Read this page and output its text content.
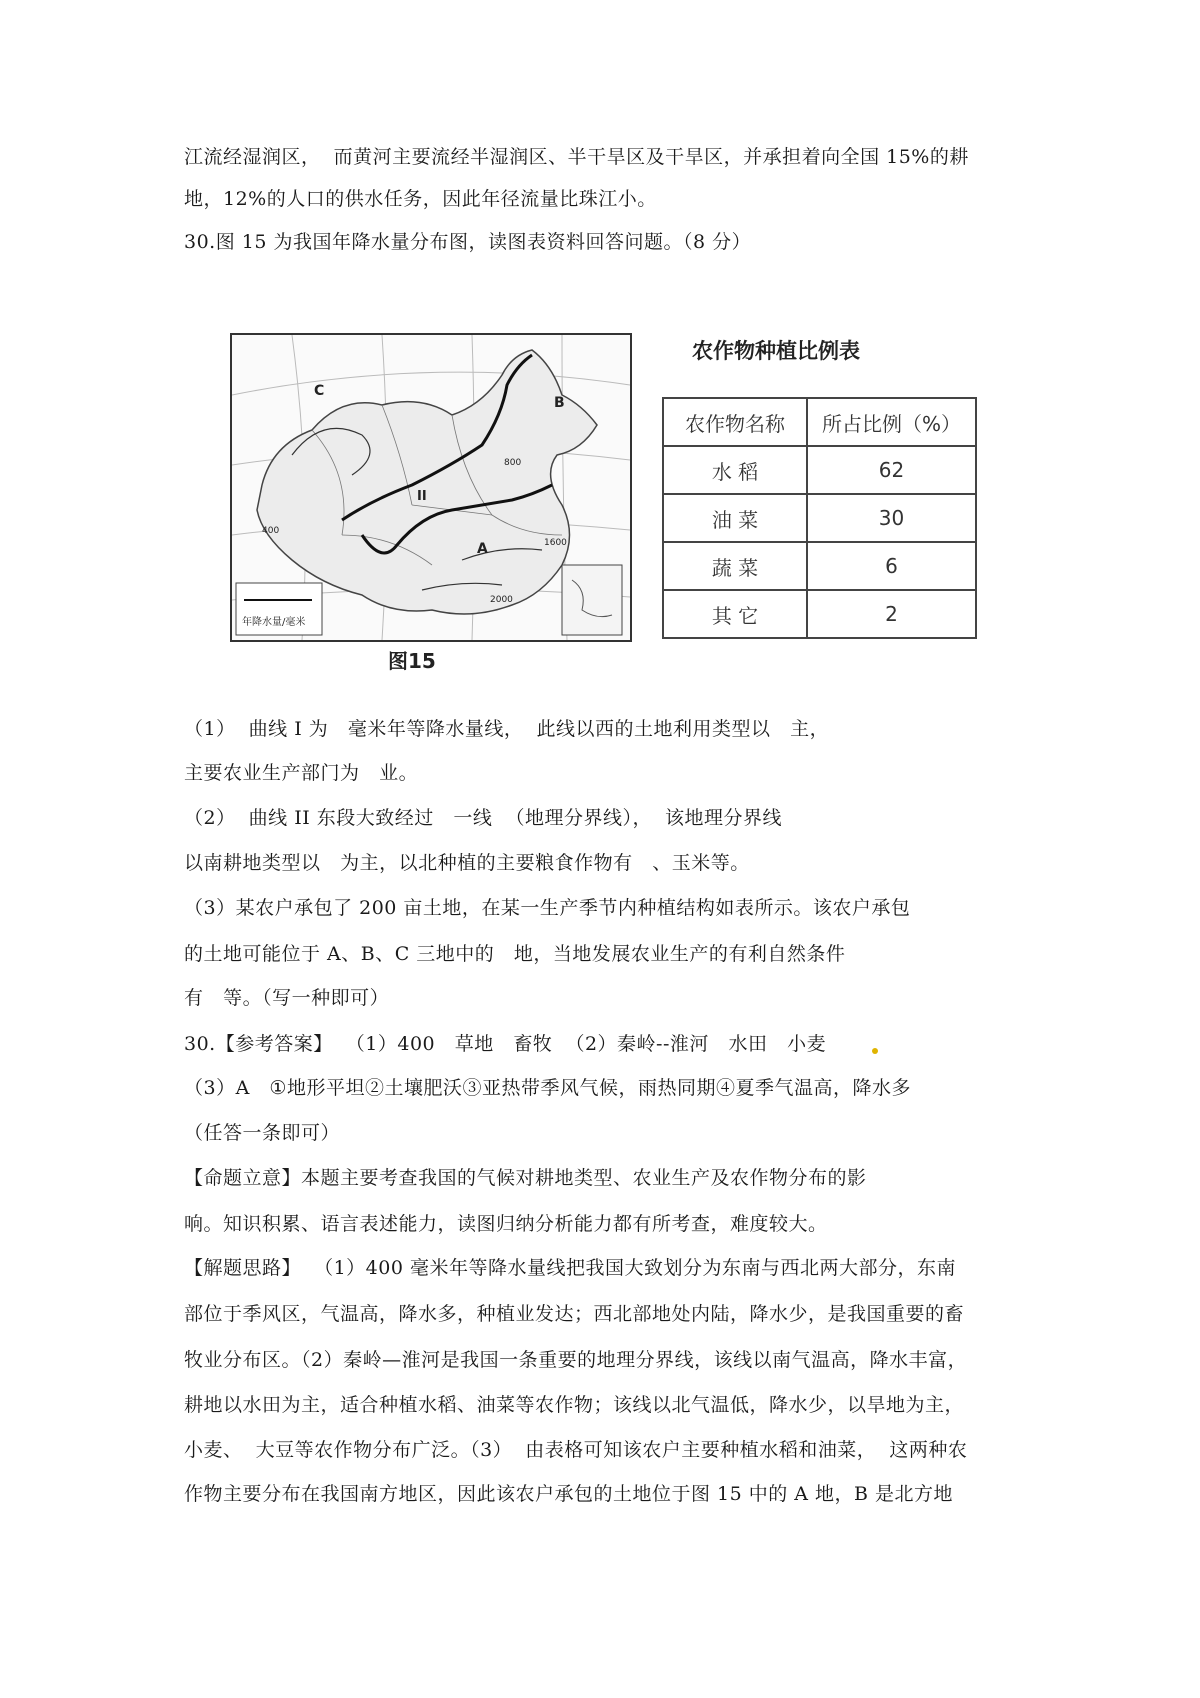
江流经湿润区，  而黄河主要流经半湿润区、半干旱区及干旱区，并承担着向全国 15%的耕
地，12%的人口的供水任务，因此年径流量比珠江小。
30.图 15 为我国年降水量分布图，读图表资料回答问题。（8 分）
C
B
A
II
400
800
1600
2000
年降水量/毫米
图15
农作物种植比例表
农作物名称	所占比例（%）
水 稻	62
油 菜	30
蔬 菜	6
其 它	2
（1）  曲线 I 为   毫米年等降水量线，  此线以西的土地利用类型以   主，
主要农业生产部门为   业。
（2）  曲线 II 东段大致经过   一线  （地理分界线），  该地理分界线
以南耕地类型以   为主，以北种植的主要粮食作物有   、玉米等。
（3）某农户承包了 200 亩土地，在某一生产季节内种植结构如表所示。该农户承包
的土地可能位于 A、B、C 三地中的   地，当地发展农业生产的有利自然条件
有   等。（写一种即可）
30.【参考答案】  （1）400   草地   畜牧  （2）秦岭--淮河   水田   小麦
（3）A   ①地形平坦②土壤肥沃③亚热带季风气候，雨热同期④夏季气温高，降水多
（任答一条即可）
【命题立意】本题主要考查我国的气候对耕地类型、农业生产及农作物分布的影
响。知识积累、语言表述能力，读图归纳分析能力都有所考查，难度较大。
【解题思路】  （1）400 毫米年等降水量线把我国大致划分为东南与西北两大部分，东南
部位于季风区，气温高，降水多，种植业发达；西北部地处内陆，降水少，是我国重要的畜
牧业分布区。（2）秦岭—淮河是我国一条重要的地理分界线，该线以南气温高，降水丰富，
耕地以水田为主，适合种植水稻、油菜等农作物；该线以北气温低，降水少，以旱地为主，
小麦、  大豆等农作物分布广泛。（3）  由表格可知该农户主要种植水稻和油菜，  这两种农
作物主要分布在我国南方地区，因此该农户承包的土地位于图 15 中的 A 地，B 是北方地
